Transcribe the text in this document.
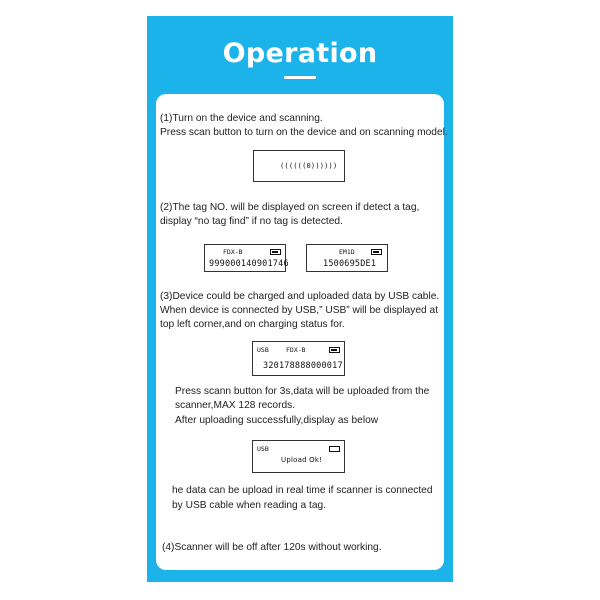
Operation
(1)Turn on the device and scanning.
Press scan button to turn on the device and on scanning model.
((((((0))))))
(2)The tag NO. will be displayed on screen if detect a tag,
display “no tag find” if no tag is detected.
FDX-B
999000140901746
EM1D
1500695DE1
(3)Device could be charged and uploaded data by USB cable.
When device is connected by USB,” USB” will be displayed at
top left corner,and on charging status for.
USB	FDX-B
320178888000017
Press scann button for 3s,data will be uploaded from the
scanner,MAX 128 records.
After uploading successfully,display as below
USB
Upload Ok!
he data can be upload in real time if scanner is connected
by USB cable when reading a tag.
(4)Scanner will be off after 120s without working.
